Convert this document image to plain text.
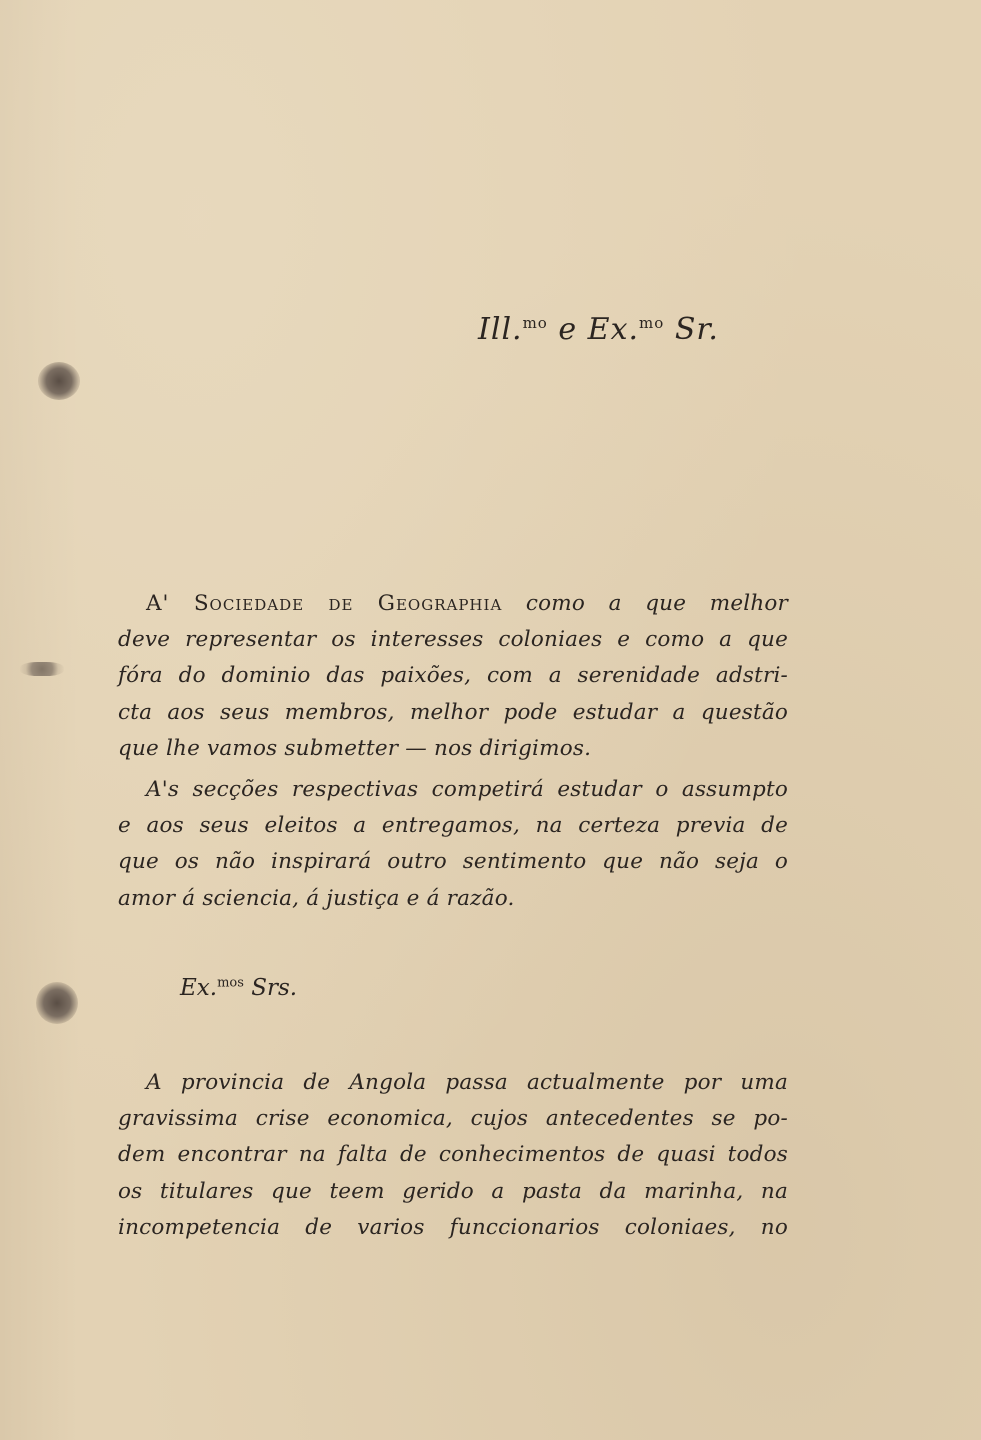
Ill.$^{mo}$ e Ex.$^{mo}$ Sr.
A' Sociedade de Geographia como a que melhor
deve representar os interesses coloniaes e como a que
fóra do dominio das paixões, com a serenidade adstri-
cta aos seus membros, melhor pode estudar a questão
que lhe vamos submetter — nos dirigimos.
A's secções respectivas competirá estudar o assumpto
e aos seus eleitos a entregamos, na certeza previa de
que os não inspirará outro sentimento que não seja o
amor á sciencia, á justiça e á razão.
Ex.$^{mos}$ Srs.
A provincia de Angola passa actualmente por uma
gravissima crise economica, cujos antecedentes se po-
dem encontrar na falta de conhecimentos de quasi todos
os titulares que teem gerido a pasta da marinha, na
incompetencia de varios funccionarios coloniaes, no
